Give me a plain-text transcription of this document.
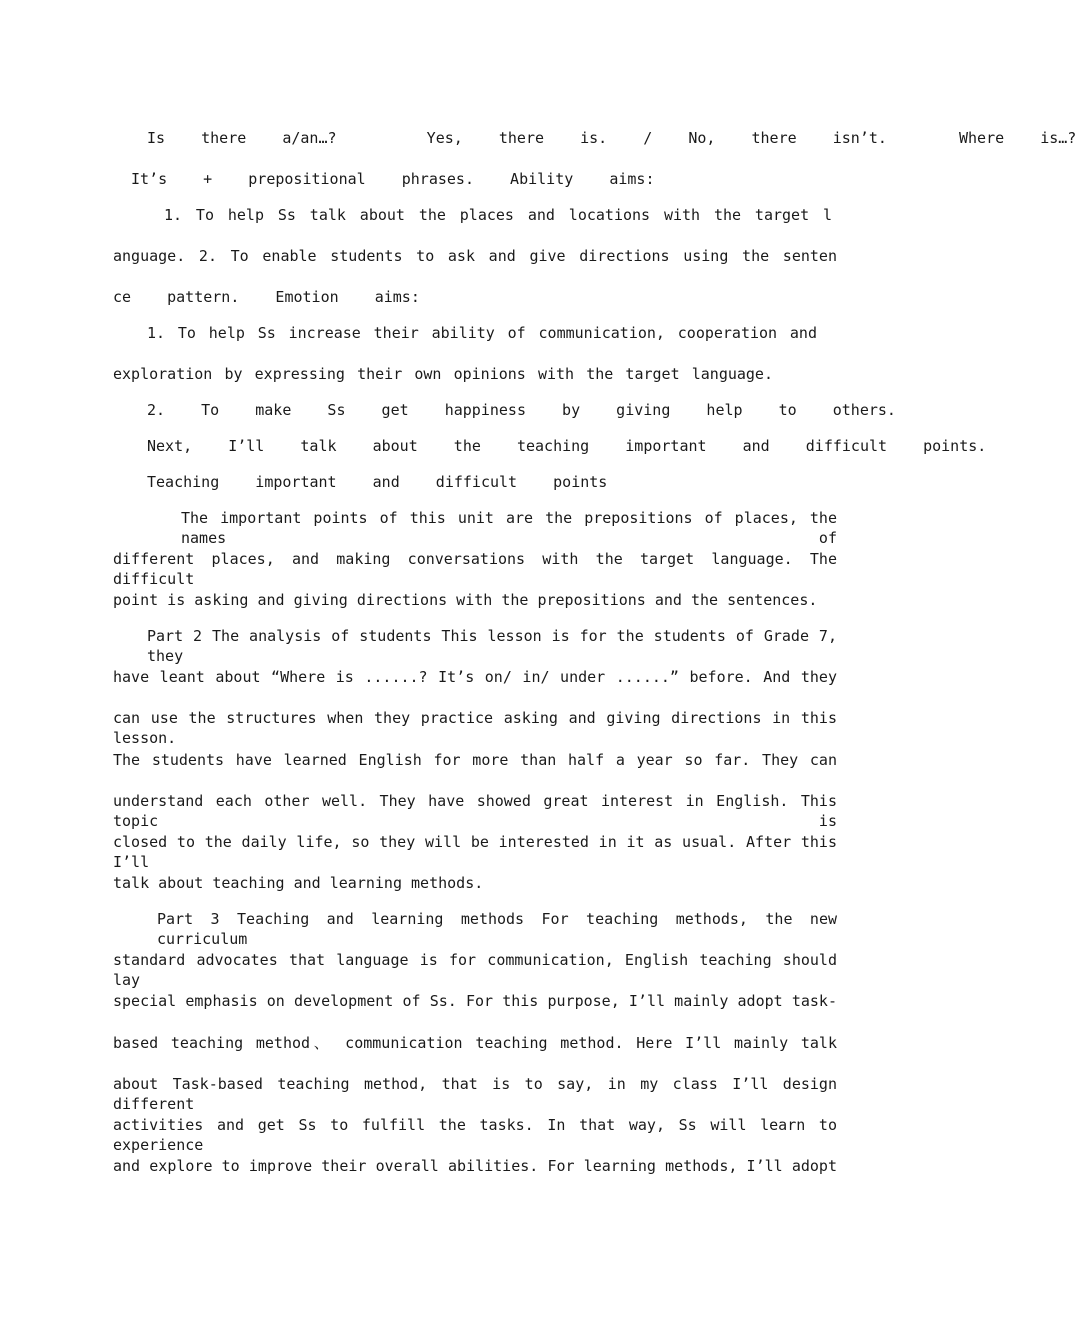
Is  there  a/an…?     Yes,  there  is.  /  No,  there  isn’t.    Where  is…?
It’s  +  prepositional  phrases.  Ability  aims:
1. To help Ss talk about the places and locations with the target l
anguage. 2. To enable students to ask and give directions using the senten
ce  pattern.  Emotion  aims:
1. To help Ss increase their ability of communication, cooperation and
exploration by expressing their own opinions with the target language.
2.  To  make  Ss  get  happiness  by  giving  help  to  others.
Next,  I’ll  talk  about  the  teaching  important  and  difficult  points.
Teaching  important  and  difficult  points
The important points of this unit are the prepositions of places, the names of
different places, and making conversations with the target language. The difficult
point is asking and giving directions with the prepositions and the sentences.
Part 2 The analysis of students This lesson is for the students of Grade 7, they
have leant about “Where is ......? It’s on/ in/ under ......” before. And they
can use the structures when they practice asking and giving directions in this lesson.
The students have learned English for more than half a year so far. They can
understand each other well. They have showed great interest in English. This topic is
closed to the daily life, so they will be interested in it as usual. After this I’ll
talk about teaching and learning methods.
Part 3 Teaching and learning methods For teaching methods, the new curriculum
standard advocates that language is for communication, English teaching should lay
special emphasis on development of Ss. For this purpose, I’ll mainly adopt task-
based teaching method、 communication teaching method. Here I’ll mainly talk
about Task-based teaching method, that is to say, in my class I’ll design different
activities and get Ss to fulfill the tasks. In that way, Ss will learn to experience
and explore to improve their overall abilities. For learning methods, I’ll adopt
